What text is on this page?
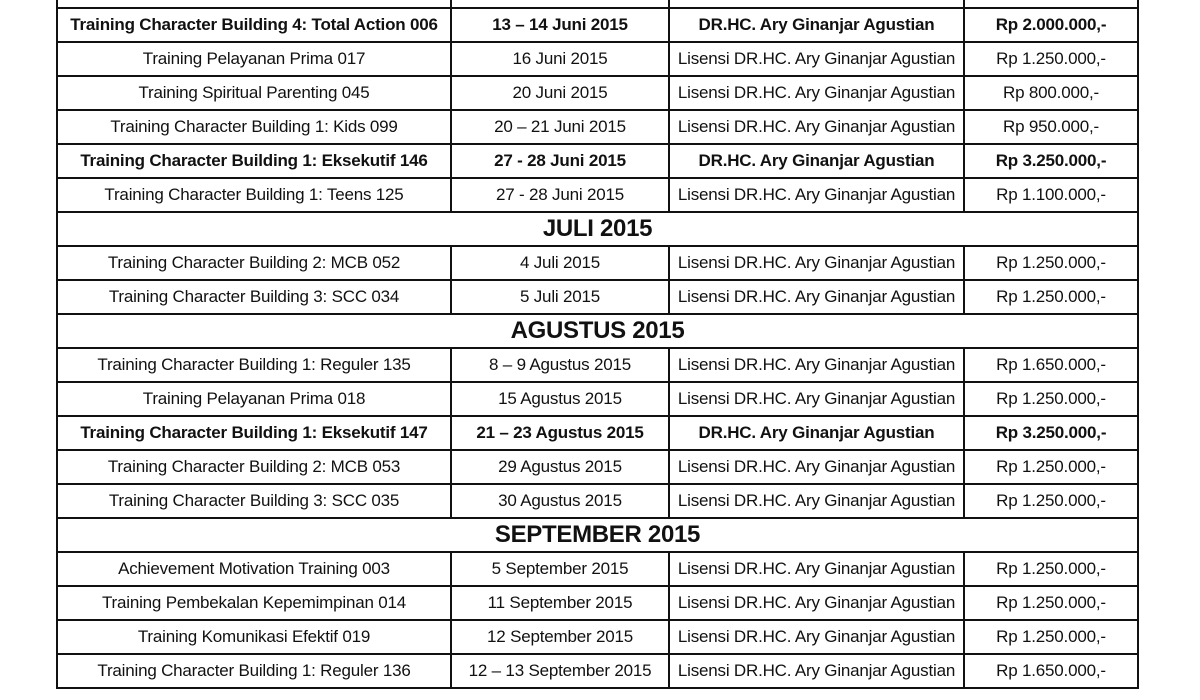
Training Character Building 4: Total Action 006	13 – 14 Juni 2015	DR.HC. Ary Ginanjar Agustian	Rp 2.000.000,-
Training Pelayanan Prima 017	16 Juni 2015	Lisensi DR.HC. Ary Ginanjar Agustian	Rp 1.250.000,-
Training Spiritual Parenting 045	20 Juni 2015	Lisensi DR.HC. Ary Ginanjar Agustian	Rp 800.000,-
Training Character Building 1: Kids 099	20 – 21 Juni 2015	Lisensi DR.HC. Ary Ginanjar Agustian	Rp 950.000,-
Training Character Building 1: Eksekutif 146	27 - 28 Juni 2015	DR.HC. Ary Ginanjar Agustian	Rp 3.250.000,-
Training Character Building 1: Teens 125	27 - 28 Juni 2015	Lisensi DR.HC. Ary Ginanjar Agustian	Rp 1.100.000,-
JULI 2015			
Training Character Building 2: MCB 052	4 Juli 2015	Lisensi DR.HC. Ary Ginanjar Agustian	Rp 1.250.000,-
Training Character Building 3: SCC 034	5 Juli 2015	Lisensi DR.HC. Ary Ginanjar Agustian	Rp 1.250.000,-
AGUSTUS 2015			
Training Character Building 1: Reguler 135	8 – 9 Agustus 2015	Lisensi DR.HC. Ary Ginanjar Agustian	Rp 1.650.000,-
Training Pelayanan Prima 018	15 Agustus 2015	Lisensi DR.HC. Ary Ginanjar Agustian	Rp 1.250.000,-
Training Character Building 1: Eksekutif 147	21 – 23 Agustus 2015	DR.HC. Ary Ginanjar Agustian	Rp 3.250.000,-
Training Character Building 2: MCB 053	29 Agustus 2015	Lisensi DR.HC. Ary Ginanjar Agustian	Rp 1.250.000,-
Training Character Building 3: SCC 035	30 Agustus 2015	Lisensi DR.HC. Ary Ginanjar Agustian	Rp 1.250.000,-
SEPTEMBER 2015			
Achievement Motivation Training 003	5 September 2015	Lisensi DR.HC. Ary Ginanjar Agustian	Rp 1.250.000,-
Training Pembekalan Kepemimpinan 014	11 September 2015	Lisensi DR.HC. Ary Ginanjar Agustian	Rp 1.250.000,-
Training Komunikasi Efektif 019	12 September 2015	Lisensi DR.HC. Ary Ginanjar Agustian	Rp 1.250.000,-
Training Character Building 1: Reguler 136	12 – 13 September 2015	Lisensi DR.HC. Ary Ginanjar Agustian	Rp 1.650.000,-
